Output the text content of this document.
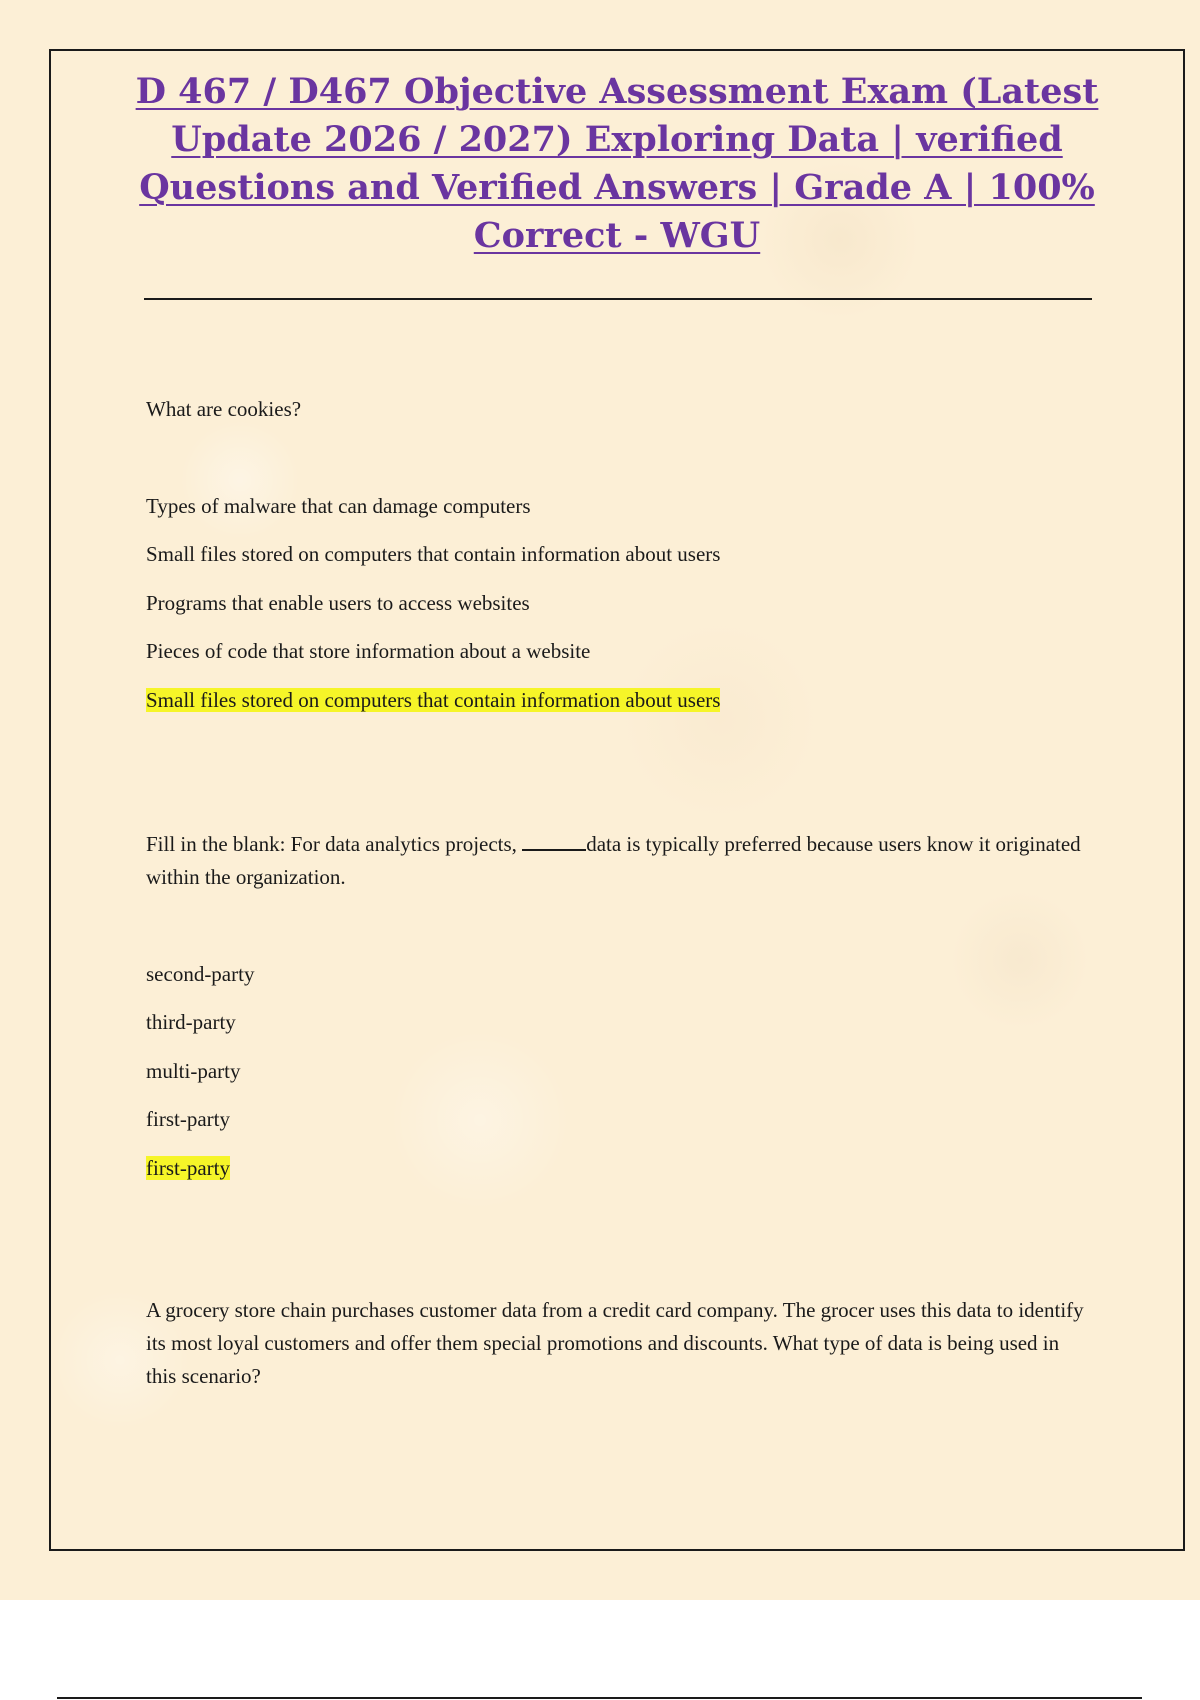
D 467 / D467 Objective Assessment Exam (Latest Update 2026 / 2027) Exploring Data | verified Questions and Verified Answers | Grade A | 100% Correct - WGU
What are cookies?
Types of malware that can damage computers
Small files stored on computers that contain information about users
Programs that enable users to access websites
Pieces of code that store information about a website
Small files stored on computers that contain information about users
Fill in the blank: For data analytics projects,	data is typically preferred because users know it originated within the organization.
second-party
third-party
multi-party
first-party
first-party
A grocery store chain purchases customer data from a credit card company. The grocer uses this data to identify its most loyal customers and offer them special promotions and discounts. What type of data is being used in this scenario?
